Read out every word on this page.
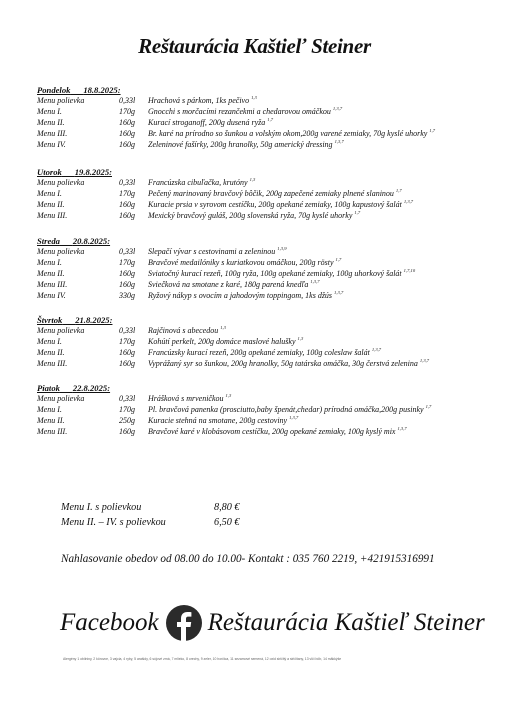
Reštaurácia Kaštieľ Steiner
Pondelok 18.8.2025:
Menu polievka	0,33l Hrachová s párkom, 1ks pečivo $^{1,3}$
Menu I.	170g Gnocchi s morčacími rezančekmi a chedarovou omáčkou $^{1,3,7}$
Menu II.	160g Kurací stroganoff, 200g dusená ryža $^{1,7}$
Menu III.	160g Br. karé na prírodno so šunkou a volským okom,200g varené zemiaky, 70g kyslé uhorky $^{1,7}$
Menu IV.	160g Zeleninové fašírky, 200g hranolky, 50g americký dressing $^{1,3,7}$
Utorok 19.8.2025:
Menu polievka	0,33l Francúzska cibuľačka, krutóny $^{1,3}$
Menu I.	170g Pečený marinovaný bravčový bôčik, 200g zapečené zemiaky plnené slaninou $^{1,7}$
Menu II.	160g Kuracie prsia v syrovom cestíčku, 200g opekané zemiaky, 100g kapustový šalát $^{1,3,7}$
Menu III.	160g Mexický bravčový guláš, 200g slovenská ryža, 70g kyslé uhorky $^{1,7}$
Streda 20.8.2025:
Menu polievka	0,33l Slepačí vývar s cestovinami a zeleninou $^{1,3,9}$
Menu I.	170g Bravčové medailóniky s kuriatkovou omáčkou, 200g rösty $^{1,7}$
Menu II.	160g Sviatočný kurací rezeň, 100g ryža, 100g opekané zemiaky, 100g uhorkový šalát $^{1,7,10}$
Menu III.	160g Sviečková na smotane z karé, 180g parená knedľa $^{1,3,7}$
Menu IV.	330g Ryžový nákyp s ovocím a jahodovým toppingom, 1ks džús $^{1,3,7}$
Štvrtok 21.8.2025:
Menu polievka	0,33l Rajčinová s abecedou $^{1,3}$
Menu I.	170g Kohútí perkelt, 200g domáce maslové halušky $^{1,3}$
Menu II.	160g Francúzsky kurací rezeň, 200g opekané zemiaky, 100g coleslaw šalát $^{1,3,7}$
Menu III.	160g Vyprážaný syr so šunkou, 200g hranolky, 50g tatárska omáčka, 30g čerstvá zelenina $^{1,3,7}$
Piatok 22.8.2025:
Menu polievka	0,33l Hrášková s mrveničkou $^{1,3}$
Menu I.	170g Pl. bravčová panenka (prosciutto,baby špenát,chedar) prírodná omáčka,200g pusinky $^{1,7}$
Menu II.	250g Kuracie stehná na smotane, 200g cestoviny $^{1,3,7}$
Menu III.	160g Bravčové karé v klobásovom cestíčku, 200g opekané zemiaky, 100g kyslý mix $^{1,3,7}$
Menu I. s polievkou	8,80 €
Menu II. – IV. s polievkou	6,50 €
Nahlasovanie obedov od 08.00 do 10.00- Kontakt : 035 760 2219, +421915316991
Facebook Reštaurácia Kaštieľ Steiner
Alergény 1 obilniny, 2 kôrovce, 3 vajcia, 4 ryby, 5 arašidy, 6 sójové zrná, 7 mlieko, 8 orechy, 9 zeler, 10 horčica, 11 sezamové semená, 12 oxid siričitý a siričitany, 13 vlčí bôb, 14 mäkkýše
